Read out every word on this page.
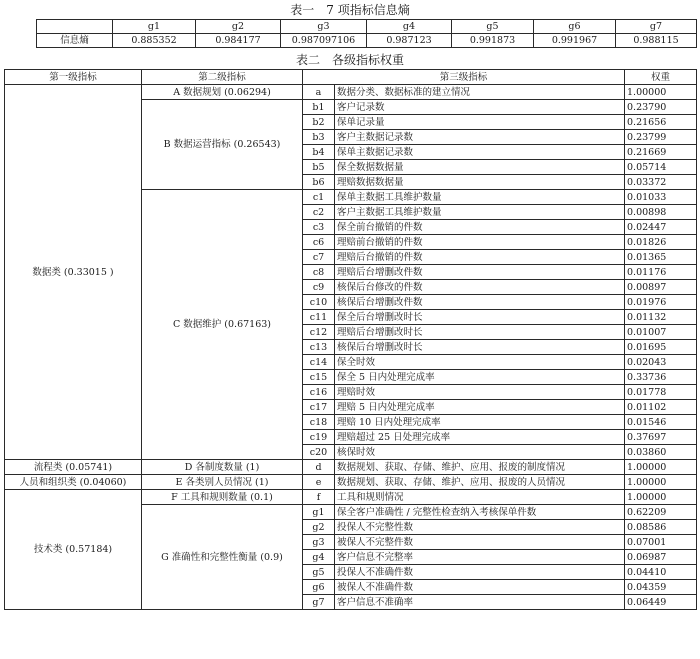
表一　7 项指标信息熵
	g1	g2	g3	g4	g5	g6	g7
信息熵	0.885352	0.984177	0.987097106	0.987123	0.991873	0.991967	0.988115
表二　各级指标权重
第一级指标	第二级指标	第三级指标		权重
数据类 (0.33015 )	A 数据规划 (0.06294)	a	数据分类、数据标准的建立情况	1.00000
	B 数据运营指标 (0.26543)	b1	客户记录数	0.23790
		b2	保单记录量	0.21656
		b3	客户主数据记录数	0.23799
		b4	保单主数据记录数	0.21669
		b5	保全数据数据量	0.05714
		b6	理赔数据数据量	0.03372
	C 数据维护 (0.67163)	c1	保单主数据工具维护数量	0.01033
		c2	客户主数据工具维护数量	0.00898
		c3	保全前台撤销的件数	0.02447
		c6	理赔前台撤销的件数	0.01826
		c7	理赔后台撤销的件数	0.01365
		c8	理赔后台增删改件数	0.01176
		c9	核保后台修改的件数	0.00897
		c10	核保后台增删改件数	0.01976
		c11	保全后台增删改时长	0.01132
		c12	理赔后台增删改时长	0.01007
		c13	核保后台增删改时长	0.01695
		c14	保全时效	0.02043
		c15	保全 5 日内处理完成率	0.33736
		c16	理赔时效	0.01778
		c17	理赔 5 日内处理完成率	0.01102
		c18	理赔 10 日内处理完成率	0.01546
		c19	理赔超过 25 日处理完成率	0.37697
		c20	核保时效	0.03860
流程类 (0.05741)	D 各制度数量 (1)	d	数据规划、获取、存储、维护、应用、报废的制度情况	1.00000
人员和组织类 (0.04060)	E 各类别人员情况 (1)	e	数据规划、获取、存储、维护、应用、报废的人员情况	1.00000
技术类 (0.57184)	F 工具和规则数量 (0.1)	f	工具和规则情况	1.00000
	G 准确性和完整性衡量 (0.9)	g1	保全客户准确性 / 完整性检查纳入考核保单件数	0.62209
		g2	投保人不完整性数	0.08586
		g3	被保人不完整件数	0.07001
		g4	客户信息不完整率	0.06987
		g5	投保人不准确件数	0.04410
		g6	被保人不准确件数	0.04359
		g7	客户信息不准确率	0.06449
